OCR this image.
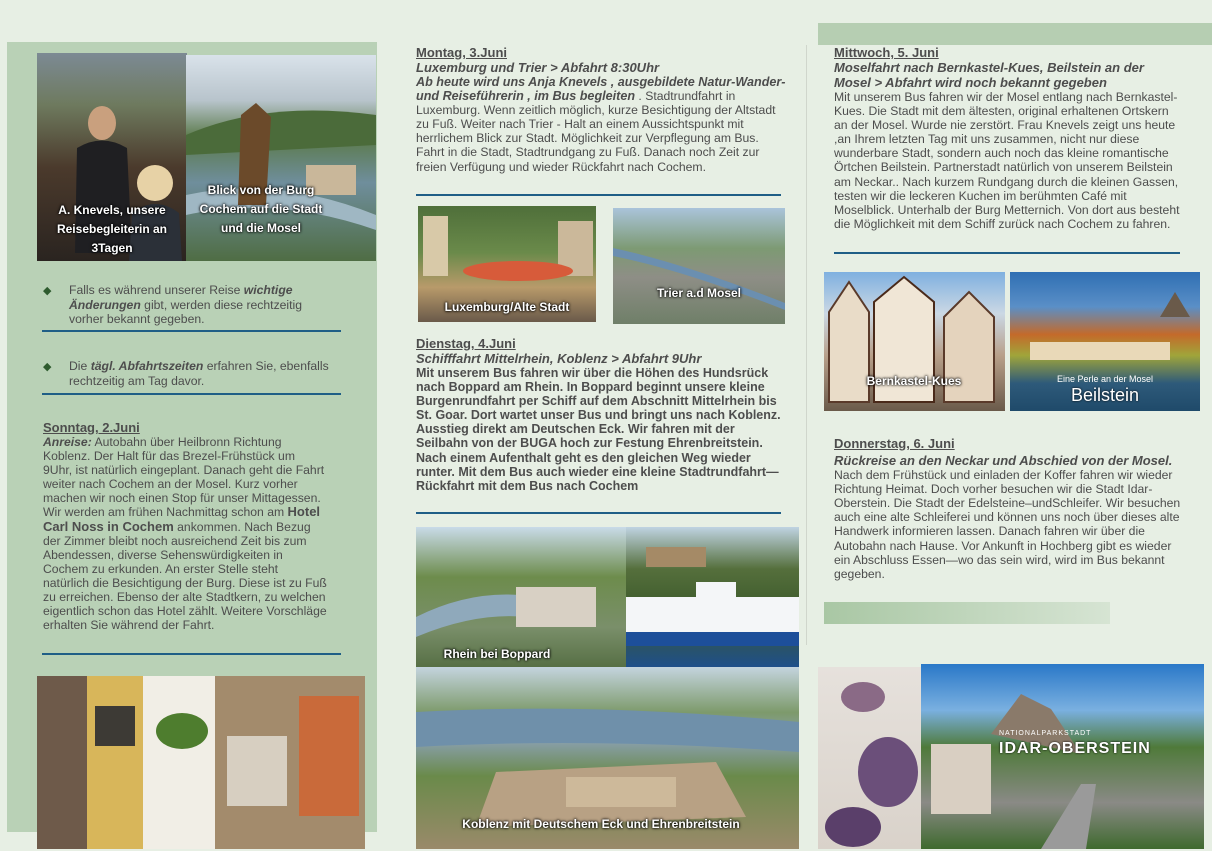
A. Knevels, unsere Reisebegleiterin an 3Tagen
Blick von der Burg Cochem auf die Stadt und die Mosel
◆ Falls es während unserer Reise wichtige Änderungen gibt, werden diese rechtzeitig vorher bekannt gegeben.
◆ Die tägl. Abfahrtszeiten erfahren Sie, ebenfalls rechtzeitig am Tag davor.
Sonntag, 2.Juni
Anreise: Autobahn über Heilbronn Richtung Koblenz. Der Halt für das Brezel-Frühstück um 9Uhr, ist natürlich eingeplant. Danach geht die Fahrt weiter nach Cochem an der Mosel. Kurz vorher machen wir noch einen Stop für unser Mittagessen. Wir werden am frühen Nachmittag schon am Hotel Carl Noss in Cochem ankommen. Nach Bezug der Zimmer bleibt noch ausreichend Zeit bis zum Abendessen, diverse Sehenswürdigkeiten in Cochem zu erkunden. An erster Stelle steht natürlich die Besichtigung der Burg. Diese ist zu Fuß zu erreichen. Ebenso der alte Stadtkern, zu welchen eigentlich schon das Hotel zählt. Weitere Vorschläge erhalten Sie während der Fahrt.
Montag, 3.Juni
Luxemburg und Trier > Abfahrt 8:30Uhr
Ab heute wird uns Anja Knevels , ausgebildete Natur-Wander-und Reiseführerin , im Bus begleiten . Stadtrundfahrt in Luxemburg. Wenn zeitlich möglich, kurze Besichtigung der Altstadt zu Fuß. Weiter nach Trier - Halt an einem Aussichtspunkt mit herrlichem Blick zur Stadt. Möglichkeit zur Verpflegung am Bus. Fahrt in die Stadt, Stadtrundgang zu Fuß. Danach noch Zeit zur freien Verfügung und wieder Rückfahrt nach Cochem.
Luxemburg/Alte Stadt
Trier a.d Mosel
Dienstag, 4.Juni
Schifffahrt Mittelrhein, Koblenz > Abfahrt 9Uhr
Mit unserem Bus fahren wir über die Höhen des Hundsrück nach Boppard am Rhein. In Boppard beginnt unsere kleine Burgenrundfahrt per Schiff auf dem Abschnitt Mittelrhein bis St. Goar. Dort wartet unser Bus und bringt uns nach Koblenz. Ausstieg direkt am Deutschen Eck. Wir fahren mit der Seilbahn von der BUGA hoch zur Festung Ehrenbreitstein. Nach einem Aufenthalt geht es den gleichen Weg wieder runter. Mit dem Bus auch wieder eine kleine Stadtrundfahrt—Rückfahrt mit dem Bus nach Cochem
Rhein bei Boppard
Koblenz mit Deutschem Eck und Ehrenbreitstein
Mittwoch, 5. Juni
Moselfahrt nach Bernkastel-Kues, Beilstein an der Mosel > Abfahrt wird noch bekannt gegeben
Mit unserem Bus fahren wir der Mosel entlang nach Bernkastel-Kues. Die Stadt mit dem ältesten, original erhaltenen Ortskern an der Mosel. Wurde nie zerstört. Frau Knevels zeigt uns heute ,an Ihrem letzten Tag mit uns zusammen, nicht nur diese wunderbare Stadt, sondern auch noch das kleine romantische Örtchen Beilstein. Partnerstadt natürlich von unserem Beilstein am Neckar.. Nach kurzem Rundgang durch die kleinen Gassen, testen wir die leckeren Kuchen im berühmten Café mit Moselblick. Unterhalb der Burg Metternich. Von dort aus besteht die Möglichkeit mit dem Schiff zurück nach Cochem zu fahren.
Bernkastel-Kues	Eine Perle an der Mosel
Beilstein
Donnerstag, 6. Juni
Rückreise an den Neckar und Abschied von der Mosel. Nach dem Frühstück und einladen der Koffer fahren wir wieder Richtung Heimat. Doch vorher besuchen wir die Stadt Idar-Oberstein. Die Stadt der Edelsteine–undSchleifer. Wir besuchen auch eine alte Schleiferei und können uns noch über dieses alte Handwerk informieren lassen. Danach fahren wir über die Autobahn nach Hause. Vor Ankunft in Hochberg gibt es wieder ein Abschluss Essen—wo das sein wird, wird im Bus bekannt gegeben.
NATIONALPARKSTADT
IDAR-OBERSTEIN
